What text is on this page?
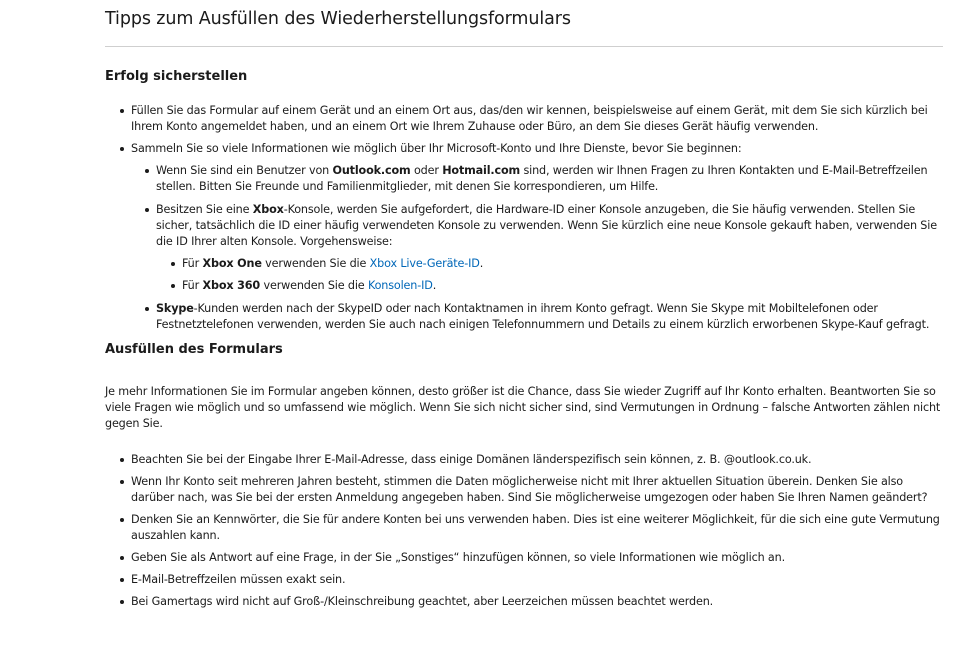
Tipps zum Ausfüllen des Wiederherstellungsformulars
Erfolg sicherstellen
Füllen Sie das Formular auf einem Gerät und an einem Ort aus, das/den wir kennen, beispielsweise auf einem Gerät, mit dem Sie sich kürzlich bei Ihrem Konto angemeldet haben, und an einem Ort wie Ihrem Zuhause oder Büro, an dem Sie dieses Gerät häufig verwenden.
Sammeln Sie so viele Informationen wie möglich über Ihr Microsoft-Konto und Ihre Dienste, bevor Sie beginnen:
Wenn Sie sind ein Benutzer von Outlook.com oder Hotmail.com sind, werden wir Ihnen Fragen zu Ihren Kontakten und E-Mail-Betreffzeilen stellen. Bitten Sie Freunde und Familienmitglieder, mit denen Sie korrespondieren, um Hilfe.
Besitzen Sie eine Xbox-Konsole, werden Sie aufgefordert, die Hardware-ID einer Konsole anzugeben, die Sie häufig verwenden. Stellen Sie sicher, tatsächlich die ID einer häufig verwendeten Konsole zu verwenden. Wenn Sie kürzlich eine neue Konsole gekauft haben, verwenden Sie die ID Ihrer alten Konsole. Vorgehensweise:
Für Xbox One verwenden Sie die Xbox Live-Geräte-ID.
Für Xbox 360 verwenden Sie die Konsolen-ID.
Skype-Kunden werden nach der SkypeID oder nach Kontaktnamen in ihrem Konto gefragt. Wenn Sie Skype mit Mobiltelefonen oder Festnetztelefonen verwenden, werden Sie auch nach einigen Telefonnummern und Details zu einem kürzlich erworbenen Skype-Kauf gefragt.
Ausfüllen des Formulars

Je mehr Informationen Sie im Formular angeben können, desto größer ist die Chance, dass Sie wieder Zugriff auf Ihr Konto erhalten. Beantworten Sie so viele Fragen wie möglich und so umfassend wie möglich. Wenn Sie sich nicht sicher sind, sind Vermutungen in Ordnung – falsche Antworten zählen nicht gegen Sie.

Beachten Sie bei der Eingabe Ihrer E-Mail-Adresse, dass einige Domänen länderspezifisch sein können, z. B. @outlook.co.uk.
Wenn Ihr Konto seit mehreren Jahren besteht, stimmen die Daten möglicherweise nicht mit Ihrer aktuellen Situation überein. Denken Sie also darüber nach, was Sie bei der ersten Anmeldung angegeben haben. Sind Sie möglicherweise umgezogen oder haben Sie Ihren Namen geändert?
Denken Sie an Kennwörter, die Sie für andere Konten bei uns verwenden haben. Dies ist eine weiterer Möglichkeit, für die sich eine gute Vermutung auszahlen kann.
Geben Sie als Antwort auf eine Frage, in der Sie „Sonstiges“ hinzufügen können, so viele Informationen wie möglich an.
E-Mail-Betreffzeilen müssen exakt sein.
Bei Gamertags wird nicht auf Groß-/Kleinschreibung geachtet, aber Leerzeichen müssen beachtet werden.
